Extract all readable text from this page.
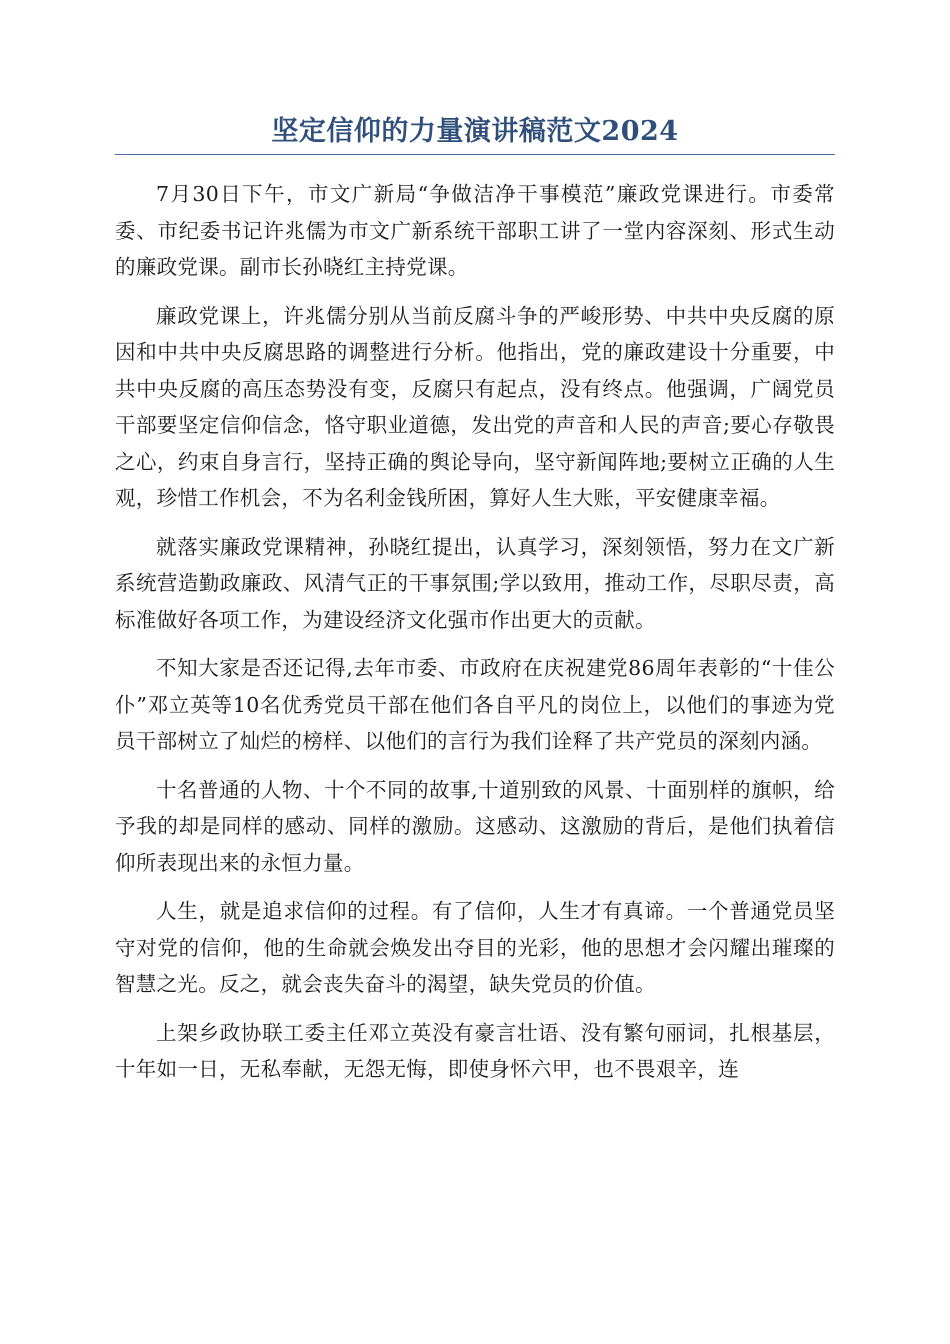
坚定信仰的力量演讲稿范文2024

7月30日下午，市文广新局“争做洁净干事模范”廉政党课进行。市委常委、市纪委书记许兆儒为市文广新系统干部职工讲了一堂内容深刻、形式生动的廉政党课。副市长孙晓红主持党课。

廉政党课上，许兆儒分别从当前反腐斗争的严峻形势、中共中央反腐的原因和中共中央反腐思路的调整进行分析。他指出，党的廉政建设十分重要，中共中央反腐的高压态势没有变，反腐只有起点，没有终点。他强调，广阔党员干部要坚定信仰信念，恪守职业道德，发出党的声音和人民的声音;要心存敬畏之心，约束自身言行，坚持正确的舆论导向，坚守新闻阵地;要树立正确的人生观，珍惜工作机会，不为名利金钱所困，算好人生大账，平安健康幸福。

就落实廉政党课精神，孙晓红提出，认真学习，深刻领悟，努力在文广新系统营造勤政廉政、风清气正的干事氛围;学以致用，推动工作，尽职尽责，高标准做好各项工作，为建设经济文化强市作出更大的贡献。

不知大家是否还记得,去年市委、市政府在庆祝建党86周年表彰的“十佳公仆”邓立英等10名优秀党员干部在他们各自平凡的岗位上，以他们的事迹为党员干部树立了灿烂的榜样、以他们的言行为我们诠释了共产党员的深刻内涵。

十名普通的人物、十个不同的故事,十道别致的风景、十面别样的旗帜，给予我的却是同样的感动、同样的激励。这感动、这激励的背后，是他们执着信仰所表现出来的永恒力量。

人生，就是追求信仰的过程。有了信仰，人生才有真谛。一个普通党员坚守对党的信仰，他的生命就会焕发出夺目的光彩，他的思想才会闪耀出璀璨的智慧之光。反之，就会丧失奋斗的渴望，缺失党员的价值。

上架乡政协联工委主任邓立英没有豪言壮语、没有繁句丽词，扎根基层，十年如一日，无私奉献，无怨无悔，即使身怀六甲，也不畏艰辛，连
